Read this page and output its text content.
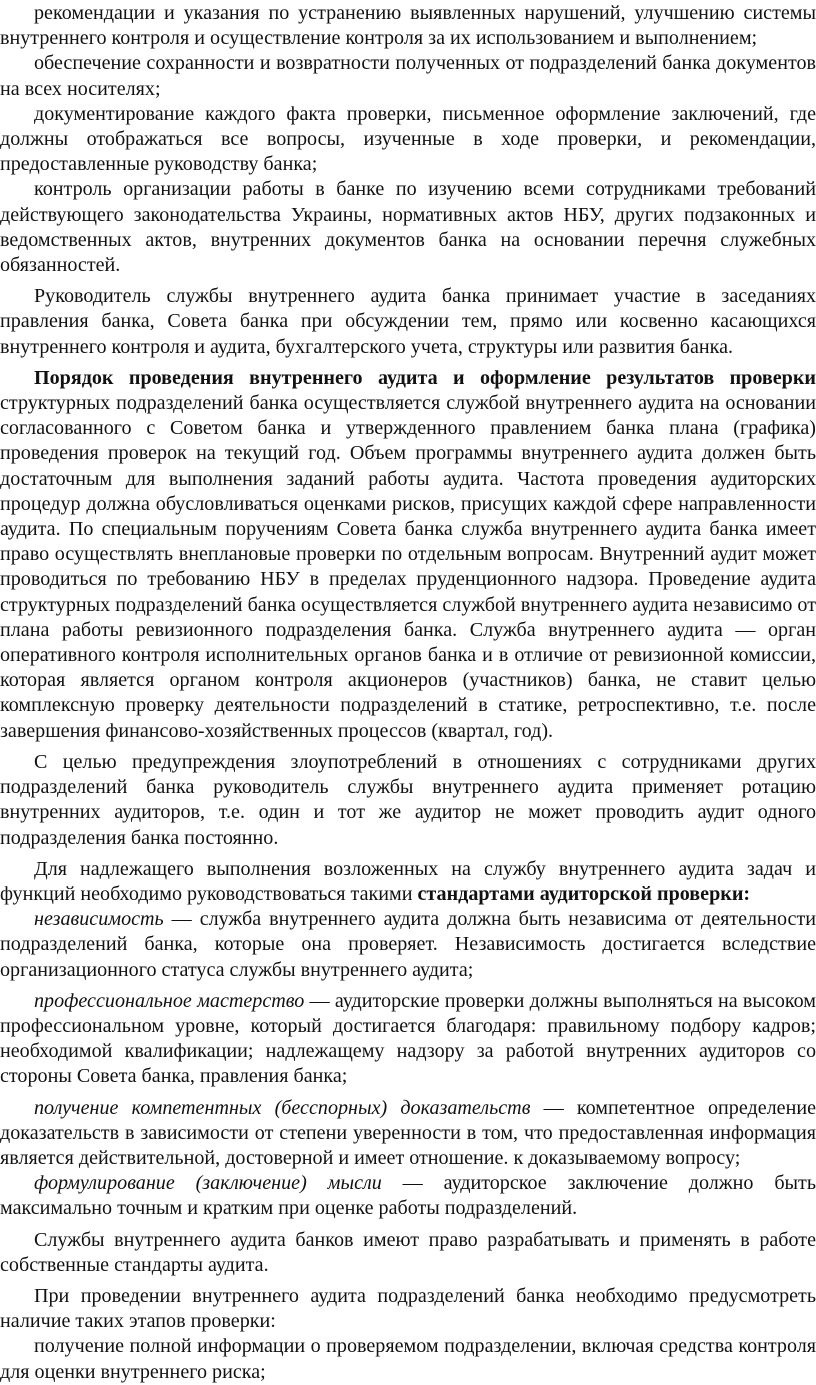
рекомендации и указания по устранению выявленных нарушений, улучшению системы внутреннего контроля и осуществление контроля за их использованием и выполнением;

обеспечение сохранности и возвратности полученных от подразделений банка документов на всех носителях;

документирование каждого факта проверки, письменное оформление заключений, где должны отображаться все вопросы, изученные в ходе проверки, и рекомендации, предоставленные руководству банка;

контроль организации работы в банке по изучению всеми сотрудниками требований действующего законодательства Украины, нормативных актов НБУ, других подзаконных и ведомственных актов, внутренних документов банка на основании перечня служебных обязанностей.

Руководитель службы внутреннего аудита банка принимает участие в заседаниях правления банка, Совета банка при обсуждении тем, прямо или косвенно касающихся внутреннего контроля и аудита, бухгалтерского учета, структуры или развития банка.

Порядок проведения внутреннего аудита и оформление результатов проверки структурных подразделений банка осуществляется службой внутреннего аудита на основании согласованного с Советом банка и утвержденного правлением банка плана (графика) проведения проверок на текущий год. Объем программы внутреннего аудита должен быть достаточным для выполнения заданий работы аудита. Частота проведения аудиторских процедур должна обусловливаться оценками рисков, присущих каждой сфере направленности аудита. По специальным поручениям Совета банка служба внутреннего аудита банка имеет право осуществлять внеплановые проверки по отдельным вопросам. Внутренний аудит может проводиться по требованию НБУ в пределах пруденционного надзора. Проведение аудита структурных подразделений банка осуществляется службой внутреннего аудита независимо от плана работы ревизионного подразделения банка. Служба внутреннего аудита — орган оперативного контроля исполнительных органов банка и в отличие от ревизионной комиссии, которая является органом контроля акционеров (участников) банка, не ставит целью комплексную проверку деятельности подразделений в статике, ретроспективно, т.е. после завершения финансово-хозяйственных процессов (квартал, год).

С целью предупреждения злоупотреблений в отношениях с сотрудниками других подразделений банка руководитель службы внутреннего аудита применяет ротацию внутренних аудиторов, т.е. один и тот же аудитор не может проводить аудит одного подразделения банка постоянно.

Для надлежащего выполнения возложенных на службу внутреннего аудита задач и функций необходимо руководствоваться такими стандартами аудиторской проверки:

независимость — служба внутреннего аудита должна быть независима от деятельности подразделений банка, которые она проверяет. Независимость достигается вследствие организационного статуса службы внутреннего аудита;

профессиональное мастерство — аудиторские проверки должны выполняться на высоком профессиональном уровне, который достигается благодаря: правильному подбору кадров; необходимой квалификации; надлежащему надзору за работой внутренних аудиторов со стороны Совета банка, правления банка;

получение компетентных (бесспорных) доказательств — компетентное определение доказательств в зависимости от степени уверенности в том, что предоставленная информация является действительной, достоверной и имеет отношение. к доказываемому вопросу;

формулирование (заключение) мысли — аудиторское заключение должно быть максимально точным и кратким при оценке работы подразделений.

Службы внутреннего аудита банков имеют право разрабатывать и применять в работе собственные стандарты аудита.

При проведении внутреннего аудита подразделений банка необходимо предусмотреть наличие таких этапов проверки:

получение полной информации о проверяемом подразделении, включая средства контроля для оценки внутреннего риска;
